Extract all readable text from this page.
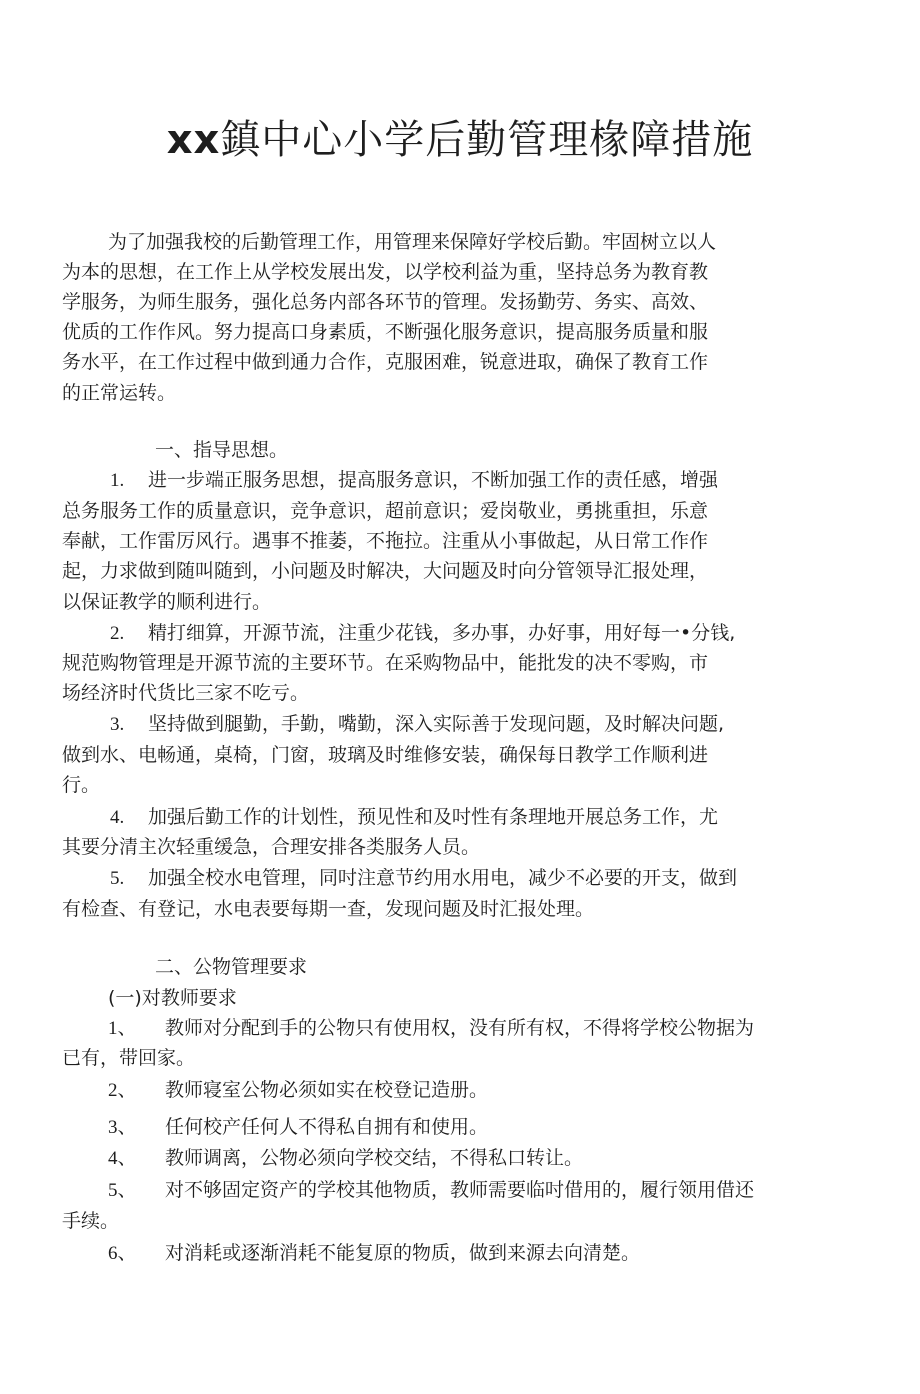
xx鎮中心小学后勤管理椽障措施
为了加强我校的后勤管理工作，用管理来保障好学校后勤。牢固树立以人
为本的思想，在工作上从学校发展出发，以学校利益为重，坚持总务为教育教
学服务，为师生服务，强化总务内部各环节的管理。发扬勤劳、务实、高效、
优质的工作作风。努力提高口身素质，不断强化服务意识，提高服务质量和服
务水平，在工作过程中做到通力合作，克服困难，锐意进取，确保了教育工作
的正常运转。
一、指导思想。
1. 进一步端正服务思想，提高服务意识，不断加强工作的责任感，增强
总务服务工作的质量意识，竞争意识，超前意识；爱岗敬业，勇挑重担，乐意
奉献，工作雷厉风行。遇事不推萎，不拖拉。注重从小事做起，从日常工作作
起，力求做到随叫随到，小问题及时解决，大问题及时向分管领导汇报处理，
以保证教学的顺利进行。
2. 精打细算，开源节流，注重少花钱，多办事，办好事，用好每一•分钱,
规范购物管理是开源节流的主要环节。在采购物品中，能批发的决不零购，市
场经济时代货比三家不吃亏。
3. 坚持做到腿勤，手勤，嘴勤，深入实际善于发现问题，及时解决问题,
做到水、电畅通，桌椅，门窗，玻璃及时维修安装，确保每日教学工作顺利进
行。
4. 加强后勤工作的计划性，预见性和及吋性有条理地开展总务工作，尤
其要分清主次轻重缓急，合理安排各类服务人员。
5. 加强全校水电管理，同吋注意节约用水用电，减少不必要的开支，做到
有检查、有登记，水电表要每期一查，发现问题及时汇报处理。
二、公物管理要求
(一)对教师要求
1、 教师对分配到手的公物只有使用权，没有所有权，不得将学校公物据为
已有，带回家。
2、 教师寝室公物必须如实在校登记造册。
3、 任何校产任何人不得私自拥有和使用。
4、 教师调离，公物必须向学校交结，不得私口转让。
5、 对不够固定资产的学校其他物质，教师需要临吋借用的，履行领用借还
手续。
6、 对消耗或逐渐消耗不能复原的物质，做到来源去向清楚。
